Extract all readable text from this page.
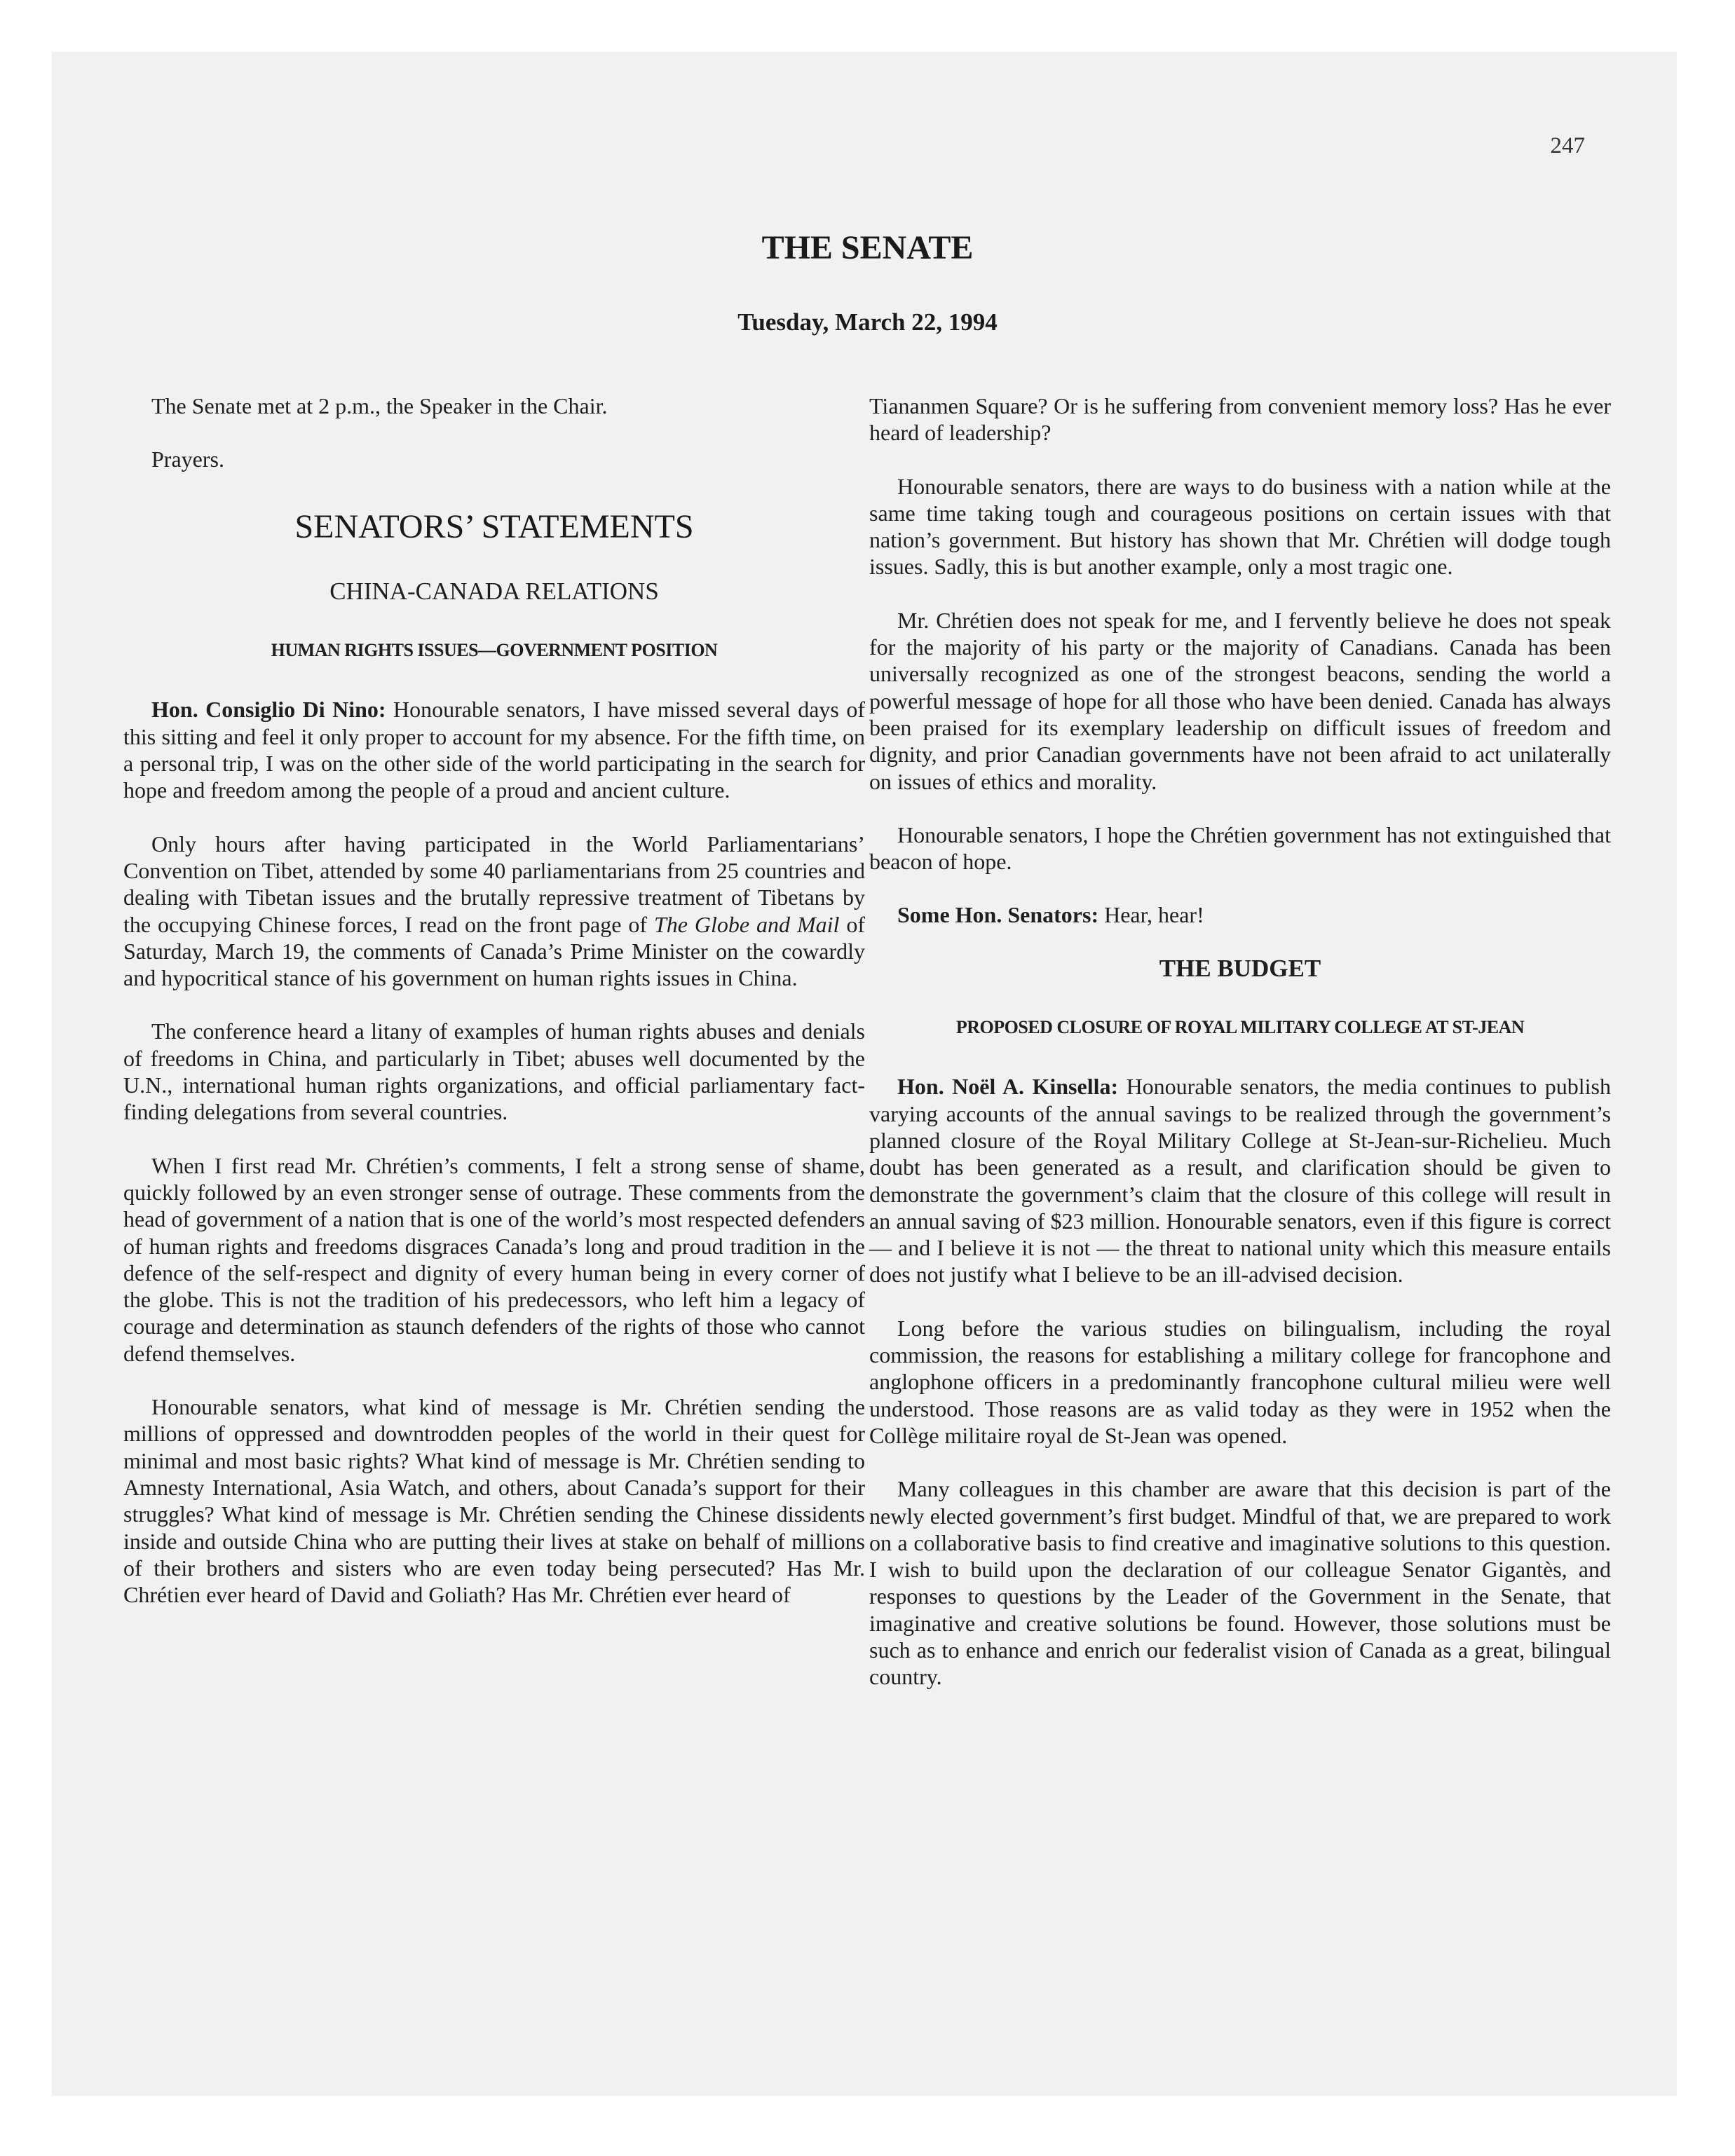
247
THE SENATE
Tuesday, March 22, 1994

The Senate met at 2 p.m., the Speaker in the Chair.

Prayers.

SENATORS’ STATEMENTS
CHINA-CANADA RELATIONS
HUMAN RIGHTS ISSUES—GOVERNMENT POSITION

Hon. Consiglio Di Nino: Honourable senators, I have missed several days of this sitting and feel it only proper to account for my absence. For the fifth time, on a personal trip, I was on the other side of the world participating in the search for hope and freedom among the people of a proud and ancient culture.

Only hours after having participated in the World Parliamentarians’ Convention on Tibet, attended by some 40 parliamentarians from 25 countries and dealing with Tibetan issues and the brutally repressive treatment of Tibetans by the occupying Chinese forces, I read on the front page of The Globe and Mail of Saturday, March 19, the comments of Canada’s Prime Minister on the cowardly and hypocritical stance of his government on human rights issues in China.

The conference heard a litany of examples of human rights abuses and denials of freedoms in China, and particularly in Tibet; abuses well documented by the U.N., international human rights organizations, and official parliamentary fact-finding delegations from several countries.

When I first read Mr. Chrétien’s comments, I felt a strong sense of shame, quickly followed by an even stronger sense of outrage. These comments from the head of government of a nation that is one of the world’s most respected defenders of human rights and freedoms disgraces Canada’s long and proud tradition in the defence of the self-respect and dignity of every human being in every corner of the globe. This is not the tradition of his predecessors, who left him a legacy of courage and determination as staunch defenders of the rights of those who cannot defend themselves.

Honourable senators, what kind of message is Mr. Chrétien sending the millions of oppressed and downtrodden peoples of the world in their quest for minimal and most basic rights? What kind of message is Mr. Chrétien sending to Amnesty International, Asia Watch, and others, about Canada’s support for their struggles? What kind of message is Mr. Chrétien sending the Chinese dissidents inside and outside China who are putting their lives at stake on behalf of millions of their brothers and sisters who are even today being persecuted? Has Mr. Chrétien ever heard of David and Goliath? Has Mr. Chrétien ever heard of

Tiananmen Square? Or is he suffering from convenient memory loss? Has he ever heard of leadership?

Honourable senators, there are ways to do business with a nation while at the same time taking tough and courageous positions on certain issues with that nation’s government. But history has shown that Mr. Chrétien will dodge tough issues. Sadly, this is but another example, only a most tragic one.

Mr. Chrétien does not speak for me, and I fervently believe he does not speak for the majority of his party or the majority of Canadians. Canada has been universally recognized as one of the strongest beacons, sending the world a powerful message of hope for all those who have been denied. Canada has always been praised for its exemplary leadership on difficult issues of freedom and dignity, and prior Canadian governments have not been afraid to act unilaterally on issues of ethics and morality.

Honourable senators, I hope the Chrétien government has not extinguished that beacon of hope.

Some Hon. Senators: Hear, hear!

THE BUDGET
PROPOSED CLOSURE OF ROYAL MILITARY COLLEGE AT ST-JEAN

Hon. Noël A. Kinsella: Honourable senators, the media continues to publish varying accounts of the annual savings to be realized through the government’s planned closure of the Royal Military College at St-Jean-sur-Richelieu. Much doubt has been generated as a result, and clarification should be given to demonstrate the government’s claim that the closure of this college will result in an annual saving of $23 million. Honourable senators, even if this figure is correct — and I believe it is not — the threat to national unity which this measure entails does not justify what I believe to be an ill-advised decision.

Long before the various studies on bilingualism, including the royal commission, the reasons for establishing a military college for francophone and anglophone officers in a predominantly francophone cultural milieu were well understood. Those reasons are as valid today as they were in 1952 when the Collège militaire royal de St-Jean was opened.

Many colleagues in this chamber are aware that this decision is part of the newly elected government’s first budget. Mindful of that, we are prepared to work on a collaborative basis to find creative and imaginative solutions to this question. I wish to build upon the declaration of our colleague Senator Gigantès, and responses to questions by the Leader of the Government in the Senate, that imaginative and creative solutions be found. However, those solutions must be such as to enhance and enrich our federalist vision of Canada as a great, bilingual country.
